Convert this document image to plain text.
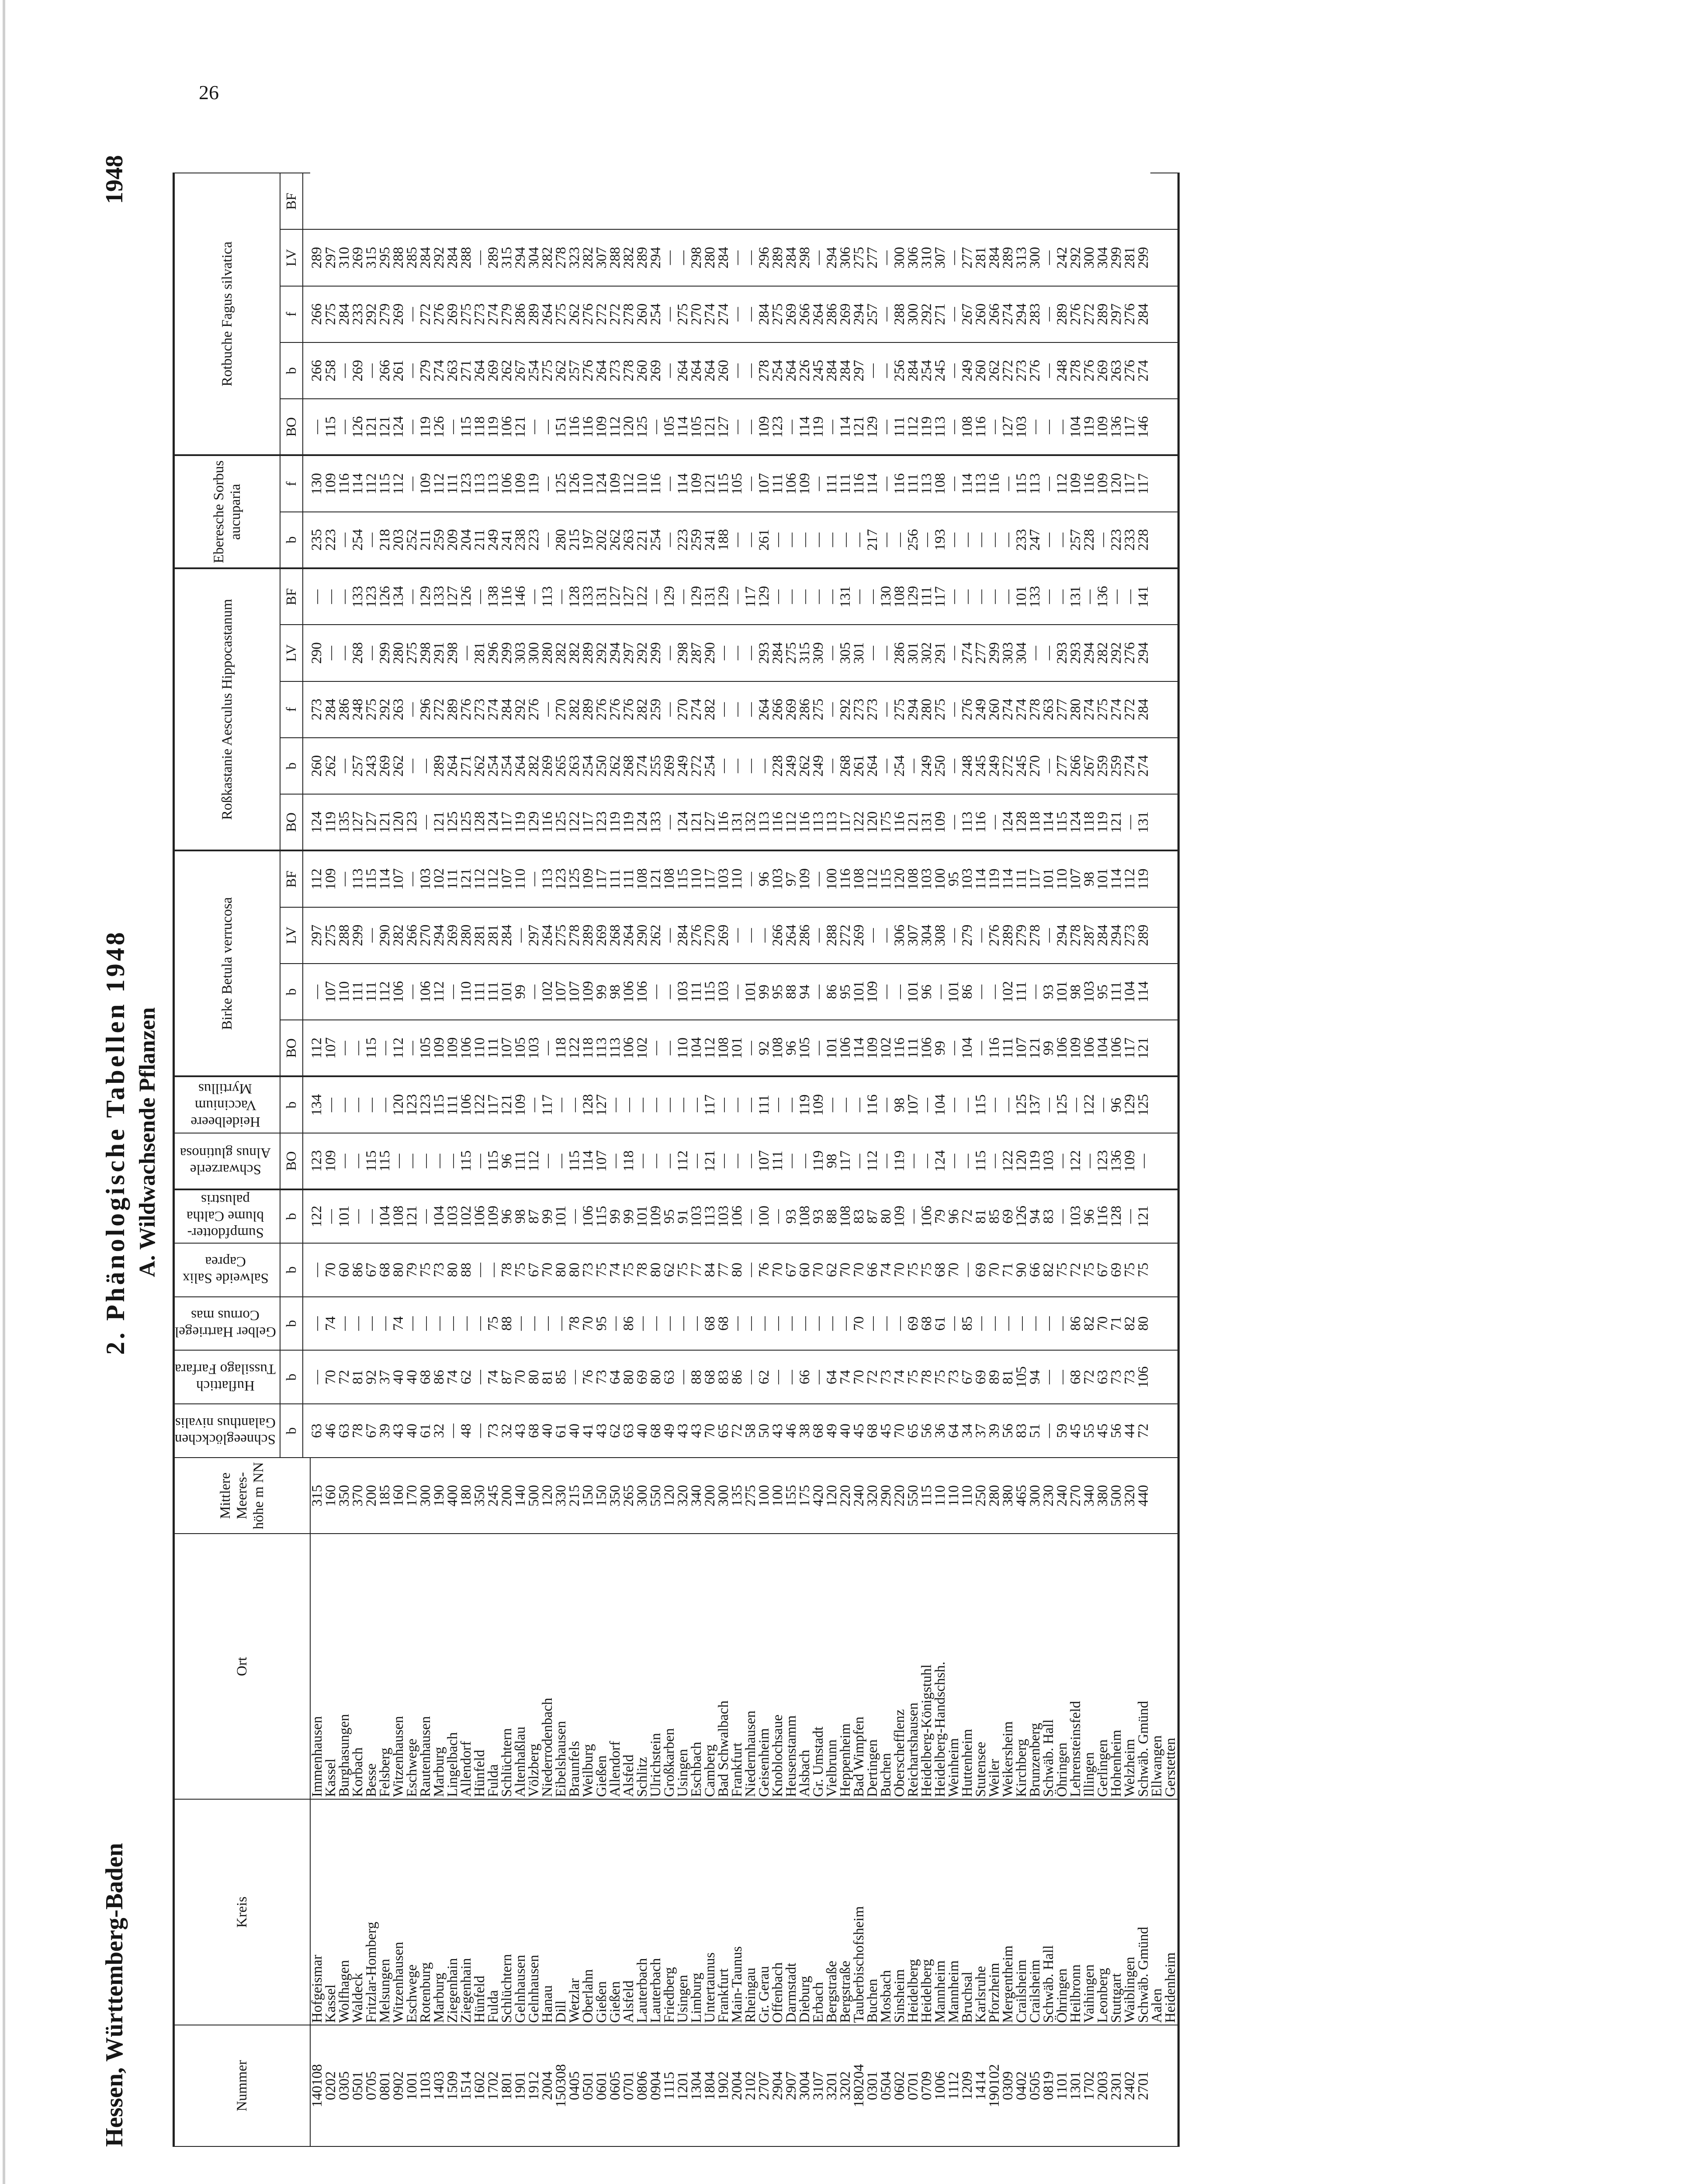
26
Hessen, Württemberg-Baden
2. Phänologische Tabellen 1948 A. Wildwachsende Pflanzen
1948
Nummer	Kreis	Ort	Mittlere Meeres- höhe m NN	Schneeglöckchen Galanthus nivalis	Huflattich Tussilago Farfara	Gelber Hartriegel Cornus mas	Salweide Salix Caprea	Sumpfdotter- blume Caltha palustris	Schwarzerle Alnus glutinosa	Heidelbeere Vaccinium Myrtillus	Birke Betula verrucosa				Roßkastanie Aesculus Hippocastanum					Eberesche Sorbus aucuparia		Rotbuche Fagus silvatica				
				b	b	b	b	b	BO	b	BO	b	LV	BF	BO	b	f	LV	BF	b	f	BO	b	f	LV	BF

140108	Hofgeismar	Immenhausen	315	63	—	—	—	122	123	134	112	—	297	112	124	260	273	290	—	235	130	—	266	266	289	
0202	Kassel	Kassel	160	46	70	74	70	—	109	—	107	107	275	109	119	262	284	—	—	223	109	115	258	275	297	
0305	Wolfhagen	Burghasungen	350	63	72	—	60	101	—	—	—	110	288	—	135	—	286	—	—	—	116	—	—	284	310	
0501	Waldeck	Korbach	370	78	81	—	86	—	—	—	—	111	299	113	127	257	248	268	133	254	114	126	269	233	269	
0705	Fritzlar-Homberg	Besse	200	67	92	—	67	—	115	—	115	111	—	115	127	243	275	—	123	—	112	121	—	292	315	
0801	Melsungen	Felsberg	185	39	37	—	68	104	115	—	—	112	290	114	121	269	292	299	126	218	115	121	266	279	295	
0902	Witzenhausen	Witzenhausen	160	43	40	74	80	108	—	120	112	106	282	107	120	262	263	280	134	203	112	124	261	269	288	
1001	Eschwege	Eschwege	170	40	40	—	79	121	—	123	—	—	266	—	123	—	—	275	—	252	—	—	—	—	285	
1103	Rotenburg	Rautenhausen	300	61	68	—	75	—	—	123	105	106	270	103	—	—	296	298	129	211	109	119	279	272	284	
1403	Marburg	Marburg	190	32	86	—	73	104	—	115	109	112	294	102	121	289	272	291	133	259	112	126	274	276	292	
1509	Ziegenhain	Lingelbach	400	—	74	—	80	103	—	111	109	—	269	111	125	264	289	298	127	209	111	—	263	269	284	
1514	Ziegenhain	Allendorf	180	48	62	—	88	102	115	106	106	110	280	121	125	271	276	—	126	204	123	115	271	275	288	
1602	Hünfeld	Hünfeld	350	—	—	—	—	106	—	122	110	111	281	112	128	262	273	281	—	211	113	118	264	273	—	
1702	Fulda	Fulda	245	73	74	75	—	109	115	117	111	111	281	112	124	254	274	296	138	249	113	119	269	274	289	
1801	Schlüchtern	Schlüchtern	200	32	87	88	78	96	96	121	107	101	284	107	117	254	284	299	116	241	106	106	262	279	315	
1901	Gelnhausen	Altenhaßlau	140	43	70	—	75	98	111	109	105	99	—	110	119	264	292	303	146	238	109	121	267	286	294	
1912	Gelnhausen	Völzberg	500	68	80	—	67	87	112	—	103	—	297	—	129	282	276	300	—	223	119	—	254	289	304	
2004	Hanau	Niederrodenbach	120	40	81	—	70	99	—	117	—	102	264	113	116	269	—	280	113	—	—	—	275	264	282	
150308	Dill	Eibelshausen	330	61	85	—	80	101	—	—	118	107	275	123	125	265	270	282	—	280	125	151	262	275	278	
0405	Wetzlar	Braunfels	215	40	—	78	80	—	115	—	122	107	278	125	122	263	282	282	128	215	126	116	257	262	323	
0501	Oberlahn	Weilburg	150	41	76	70	73	106	114	128	118	109	289	109	117	254	289	289	133	197	110	116	276	276	282	
0601	Gießen	Gießen	150	43	73	95	75	115	107	127	113	99	269	117	123	250	276	292	131	202	124	109	264	272	307	
0605	Gießen	Allendorf	350	62	64	—	74	99	—	—	113	98	268	111	119	262	276	294	127	262	109	112	273	272	288	
0701	Alsfeld	Alsfeld	265	63	80	86	75	99	118	—	106	106	264	111	119	268	276	297	127	263	112	120	278	278	282	
0806	Lauterbach	Schlitz	300	40	69	—	78	101	—	—	102	106	290	108	124	274	282	292	122	221	110	125	260	260	289	
0904	Lauterbach	Ulrichstein	550	68	80	—	80	109	—	—	—	—	262	121	133	255	259	299	—	254	116	—	269	254	294	
1115	Friedberg	Großkarben	120	49	63	—	62	95	—	—	—	—	—	108	—	269	—	—	129	—	—	105	—	—	—	
1201	Usingen	Usingen	320	43	—	—	75	91	112	—	110	103	284	115	124	249	270	298	—	223	114	114	264	275	—	
1304	Limburg	Eschbach	340	43	88	—	77	103	—	—	104	111	276	110	121	272	274	287	129	259	109	105	264	270	298	
1804	Untertaunus	Camberg	200	70	68	68	84	113	121	117	112	115	270	117	127	254	282	290	131	241	121	121	264	274	280	
1902	Frankfurt	Bad Schwalbach	300	65	83	68	77	103	—	—	108	103	269	103	116	—	—	—	129	188	115	127	260	274	284	
2004	Main-Taunus	Frankfurt	135	72	86	—	80	106	—	—	101	—	—	110	131	—	—	—	—	—	105	—	—	—	—	
2102	Rheingau	Niedernhausen	275	58	—	—	—	—	—	—	—	101	—	—	132	—	—	—	117	—	—	—	—	—	—	
2707	Gr. Gerau	Geisenheim	100	50	62	—	76	100	107	111	92	99	—	96	113	—	264	293	129	261	107	109	278	284	296	
2904	Offenbach	Knoblochsaue	100	43	—	—	70	—	111	—	108	95	266	103	116	228	266	284	—	—	111	123	254	275	289	
2907	Darmstadt	Heusenstamm	155	46	—	—	67	93	—	—	96	88	264	97	112	249	269	275	—	—	106	—	264	269	284	
3004	Dieburg	Alsbach	175	38	66	—	60	108	—	119	105	94	286	109	116	262	286	315	—	—	109	114	226	266	298	
3107	Erbach	Gr. Umstadt	420	68	—	—	70	93	119	109	—	—	—	—	113	249	275	309	—	—	—	119	245	264	—	
3201	Bergstraße	Vielbrunn	120	49	64	—	62	88	98	—	101	86	288	100	113	—	—	—	—	—	111	—	284	286	294	
3202	Bergstraße	Heppenheim	220	40	74	—	70	108	117	—	106	95	272	116	117	268	292	305	131	—	111	114	284	269	306	
180204	Tauberbischofsheim	Bad Wimpfen	240	45	70	70	70	83	—	—	114	101	269	108	122	261	273	301	—	—	116	121	297	294	275	
0301	Buchen	Dertingen	320	68	72	—	66	87	112	116	109	109	—	112	120	264	273	—	—	217	114	129	—	257	277	
0504	Mosbach	Buchen	290	45	73	—	74	80	—	—	102	—	—	115	175	—	—	—	130	—	—	—	—	—	—	
0602	Sinsheim	Oberschefflenz	220	70	74	—	70	109	119	98	116	—	306	120	116	254	275	286	108	—	116	111	256	288	300	
0701	Heidelberg	Reichartshausen	550	65	75	69	75	—	—	107	111	101	307	108	121	—	294	301	129	256	111	112	284	300	306	
0709	Heidelberg	Heidelberg-Königstuhl	115	56	78	68	75	106	—	—	106	96	304	103	131	249	280	302	111	—	113	119	254	292	310	
1006	Mannheim	Heidelberg-Handschsh.	110	36	75	61	68	79	124	104	99	—	308	100	109	250	275	291	117	193	108	113	245	271	307	
1112	Mannheim	Weinheim	110	64	73	—	70	96	—	—	—	101	—	95	—	—	—	—	—	—	—	—	—	—	—	
1209	Bruchsal	Huttenheim	110	34	67	85	—	72	—	—	104	86	279	103	113	248	276	274	—	—	114	108	249	267	277	
1414	Karlsruhe	Stutensee	250	37	69	—	69	81	115	115	—	—	—	114	116	245	249	277	—	—	113	116	260	260	281	
190102	Pforzheim	Weiler	280	39	89	—	70	85	—	—	116	—	276	119	—	249	260	299	—	—	116	—	262	266	284	
0309	Mergentheim	Weikersheim	380	56	81	—	71	69	122	—	111	102	289	114	124	272	274	303	—	—	—	127	272	274	289	
0402	Crailsheim	Kirchberg	465	83	105	—	90	126	120	125	107	111	279	111	128	245	274	304	101	233	115	103	273	294	313	
0505	Crailsheim	Brunzenberg	300	51	94	—	66	94	119	137	121	—	278	117	118	270	278	—	133	247	113	—	276	283	300	
0819	Schwäb. Hall	Schwäb. Hall	230	—	—	—	82	83	103	—	99	93	—	101	114	—	263	—	—	—	—	—	—	—	—	
1101	Öhringen	Öhringen	240	59	—	—	75	—	—	125	106	101	294	110	115	277	277	293	—	—	112	—	248	289	242	
1301	Heilbronn	Lehrensteinsfeld	270	45	68	86	72	103	122	—	109	98	278	107	124	266	280	293	131	257	109	104	278	276	292	
1702	Vaihingen	Illingen	340	55	72	82	75	96	—	122	106	103	287	98	118	267	274	294	—	228	116	119	276	272	300	
2003	Leonberg	Gerlingen	380	45	63	70	67	116	123	—	104	95	284	101	119	259	275	282	136	—	109	109	269	289	304	
2301	Stuttgart	Hohenheim	500	56	73	71	69	128	136	96	106	111	294	114	121	259	274	292	—	223	120	136	263	297	299	
2402	Waiblingen	Welzheim	320	44	73	82	75	—	109	129	117	104	273	112	—	274	272	276	—	233	117	117	276	276	281	
2701	Schwäb. Gmünd	Schwäb. Gmünd	440	72	106	80	75	121	—	125	121	114	289	119	131	274	284	294	141	228	117	146	274	284	299	
	Aalen	Ellwangen																								
	Heidenheim	Gerstetten																								
